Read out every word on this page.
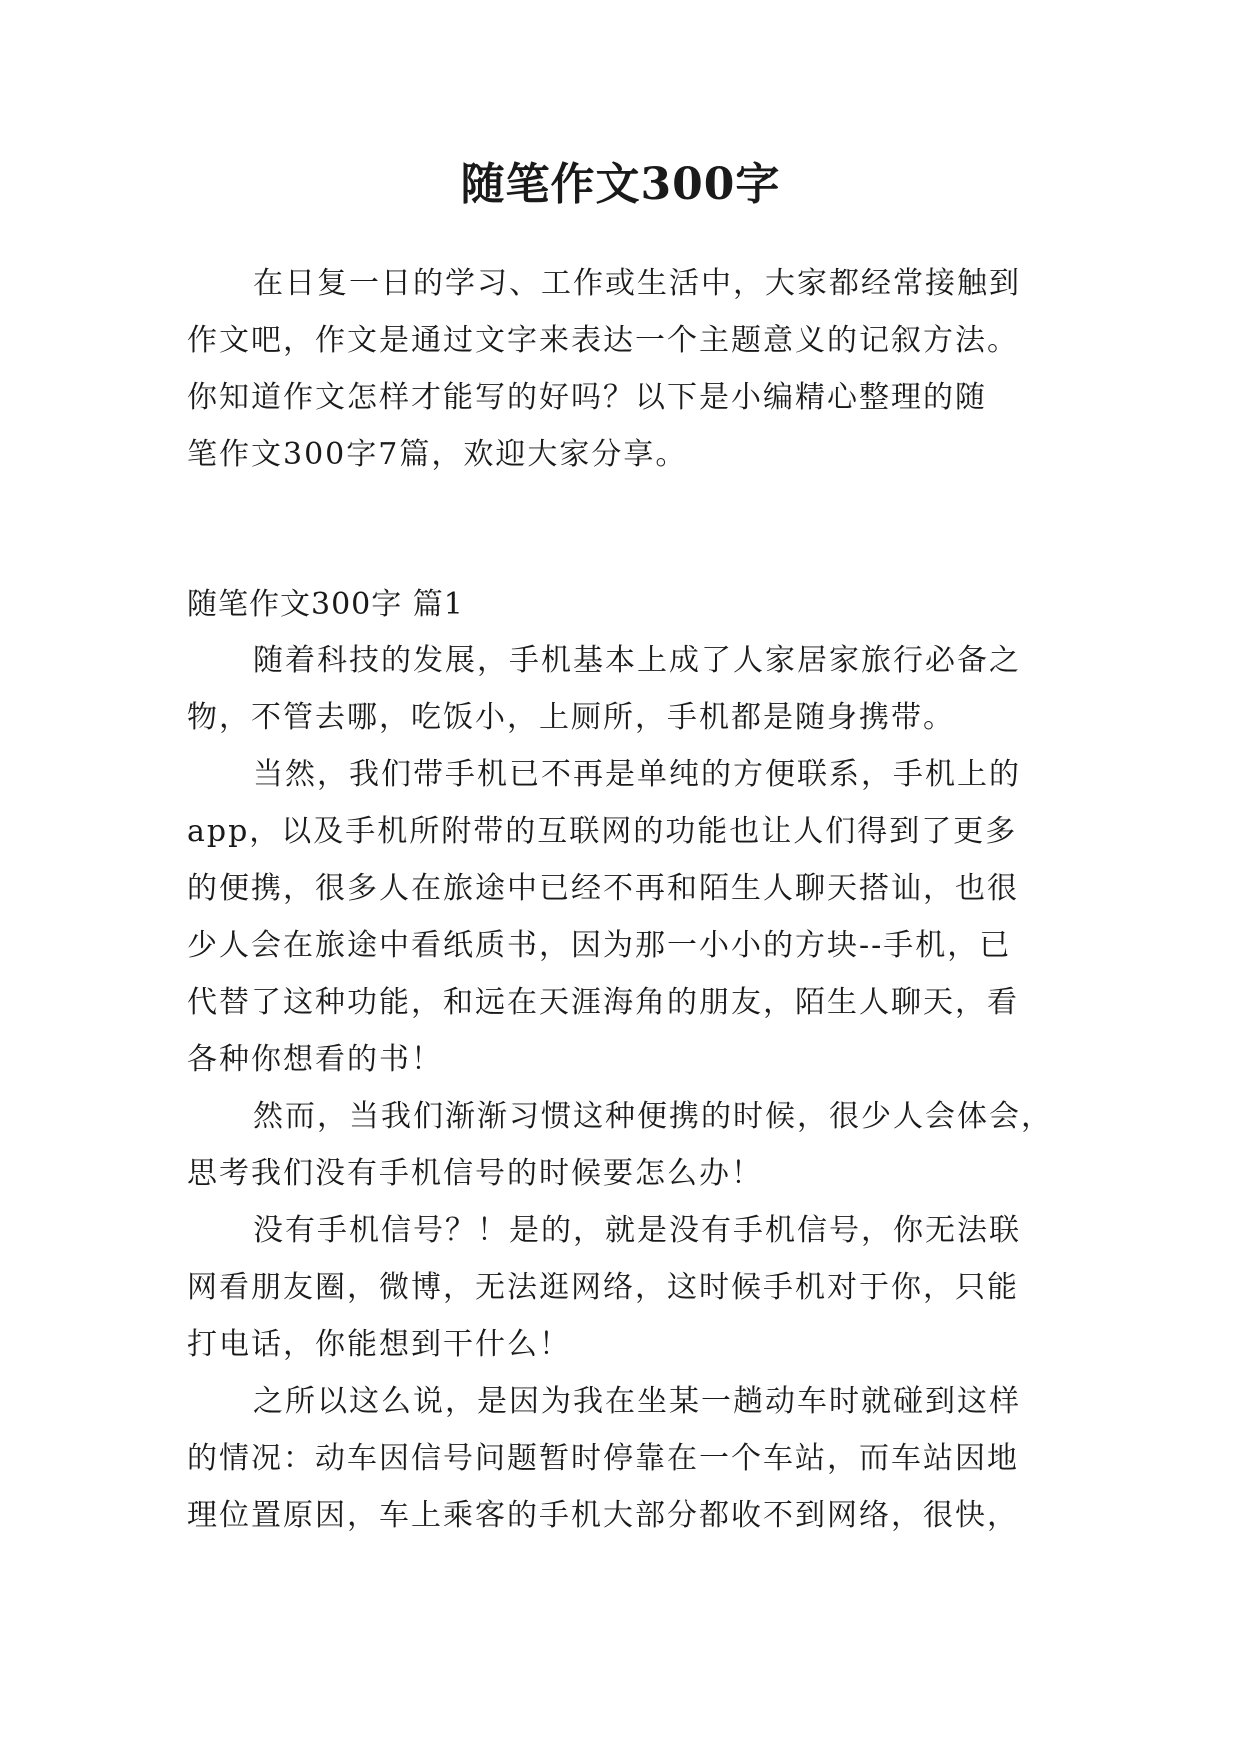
随笔作文300字
在日复一日的学习、工作或生活中，大家都经常接触到
作文吧，作文是通过文字来表达一个主题意义的记叙方法。
你知道作文怎样才能写的好吗？以下是小编精心整理的随
笔作文300字7篇，欢迎大家分享。
随笔作文300字 篇1
随着科技的发展，手机基本上成了人家居家旅行必备之
物，不管去哪，吃饭小，上厕所，手机都是随身携带。
当然，我们带手机已不再是单纯的方便联系，手机上的
app，以及手机所附带的互联网的功能也让人们得到了更多
的便携，很多人在旅途中已经不再和陌生人聊天搭讪，也很
少人会在旅途中看纸质书，因为那一小小的方块--手机，已
代替了这种功能，和远在天涯海角的朋友，陌生人聊天，看
各种你想看的书！
然而，当我们渐渐习惯这种便携的时候，很少人会体会，
思考我们没有手机信号的时候要怎么办！
没有手机信号？！是的，就是没有手机信号，你无法联
网看朋友圈，微博，无法逛网络，这时候手机对于你，只能
打电话，你能想到干什么！
之所以这么说，是因为我在坐某一趟动车时就碰到这样
的情况：动车因信号问题暂时停靠在一个车站，而车站因地
理位置原因，车上乘客的手机大部分都收不到网络，很快，
